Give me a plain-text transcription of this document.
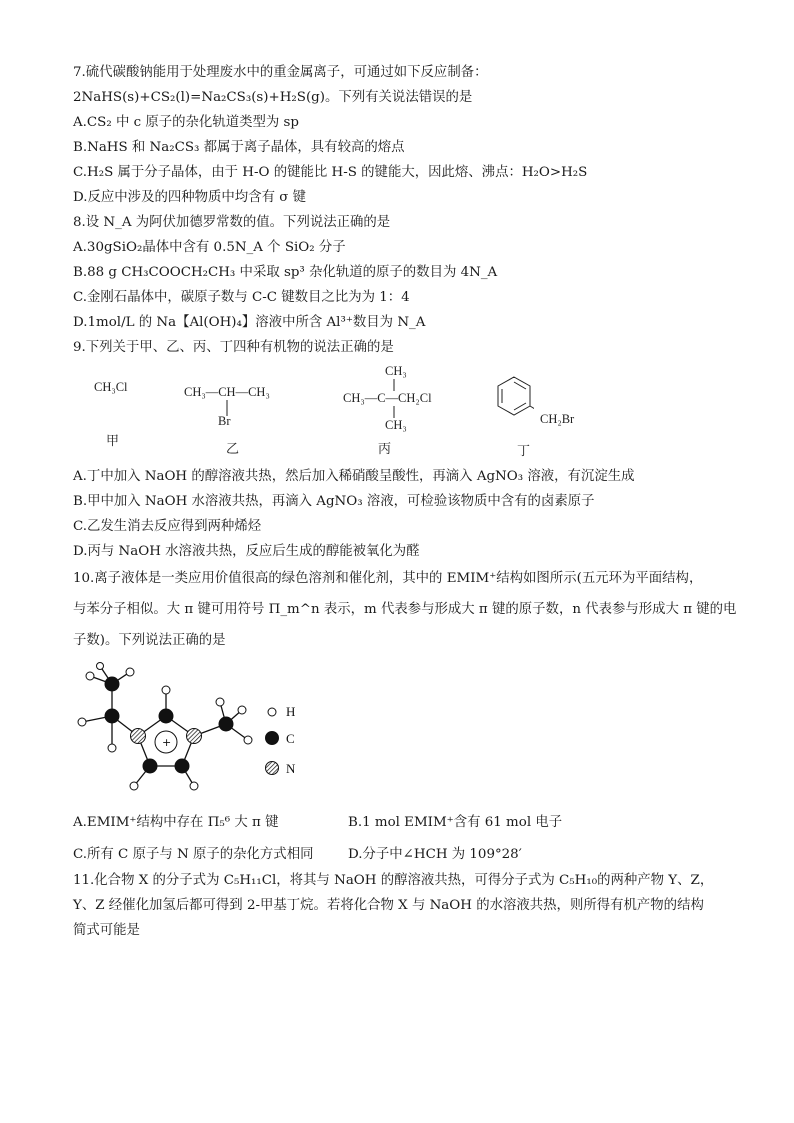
7.硫代碳酸钠能用于处理废水中的重金属离子，可通过如下反应制备：
2NaHS(s)+CS₂(l)=Na₂CS₃(s)+H₂S(g)。下列有关说法错误的是
A.CS₂ 中 c 原子的杂化轨道类型为 sp
B.NaHS 和 Na₂CS₃ 都属于离子晶体，具有较高的熔点
C.H₂S 属于分子晶体，由于 H-O 的键能比 H-S 的键能大，因此熔、沸点：H₂O>H₂S
D.反应中涉及的四种物质中均含有 σ 键
8.设 N_A 为阿伏加德罗常数的值。下列说法正确的是
A.30gSiO₂晶体中含有 0.5N_A 个 SiO₂ 分子
B.88 g CH₃COOCH₂CH₃ 中采取 sp³ 杂化轨道的原子的数目为 4N_A
C.金刚石晶体中，碳原子数与 C-C 键数目之比为为 1：4
D.1mol/L 的 Na【Al(OH)₄】溶液中所含 Al³⁺数目为 N_A
9.下列关于甲、乙、丙、丁四种有机物的说法正确的是
CH₃Cl
甲
CH₃—CH—CH₃
Br
乙
CH₃
CH₃—C—CH₂Cl
CH₃
丙
CH₂Br
丁
A.丁中加入 NaOH 的醇溶液共热，然后加入稀硝酸呈酸性，再滴入 AgNO₃ 溶液，有沉淀生成
B.甲中加入 NaOH 水溶液共热，再滴入 AgNO₃ 溶液，可检验该物质中含有的卤素原子
C.乙发生消去反应得到两种烯烃
D.丙与 NaOH 水溶液共热，反应后生成的醇能被氧化为醛
10.离子液体是一类应用价值很高的绿色溶剂和催化剂，其中的 EMIM⁺结构如图所示(五元环为平面结构，
与苯分子相似。大 π 键可用符号 Π_m^n 表示，m 代表参与形成大 π 键的原子数，n 代表参与形成大 π 键的电
子数)。下列说法正确的是
+
H
C
N
A.EMIM⁺结构中存在 Π₅⁶ 大 π 键	B.1 mol EMIM⁺含有 61 mol 电子
C.所有 C 原子与 N 原子的杂化方式相同	D.分子中∠HCH 为 109°28′
11.化合物 X 的分子式为 C₅H₁₁Cl，将其与 NaOH 的醇溶液共热，可得分子式为 C₅H₁₀的两种产物 Y、Z，
Y、Z 经催化加氢后都可得到 2-甲基丁烷。若将化合物 X 与 NaOH 的水溶液共热，则所得有机产物的结构
简式可能是
